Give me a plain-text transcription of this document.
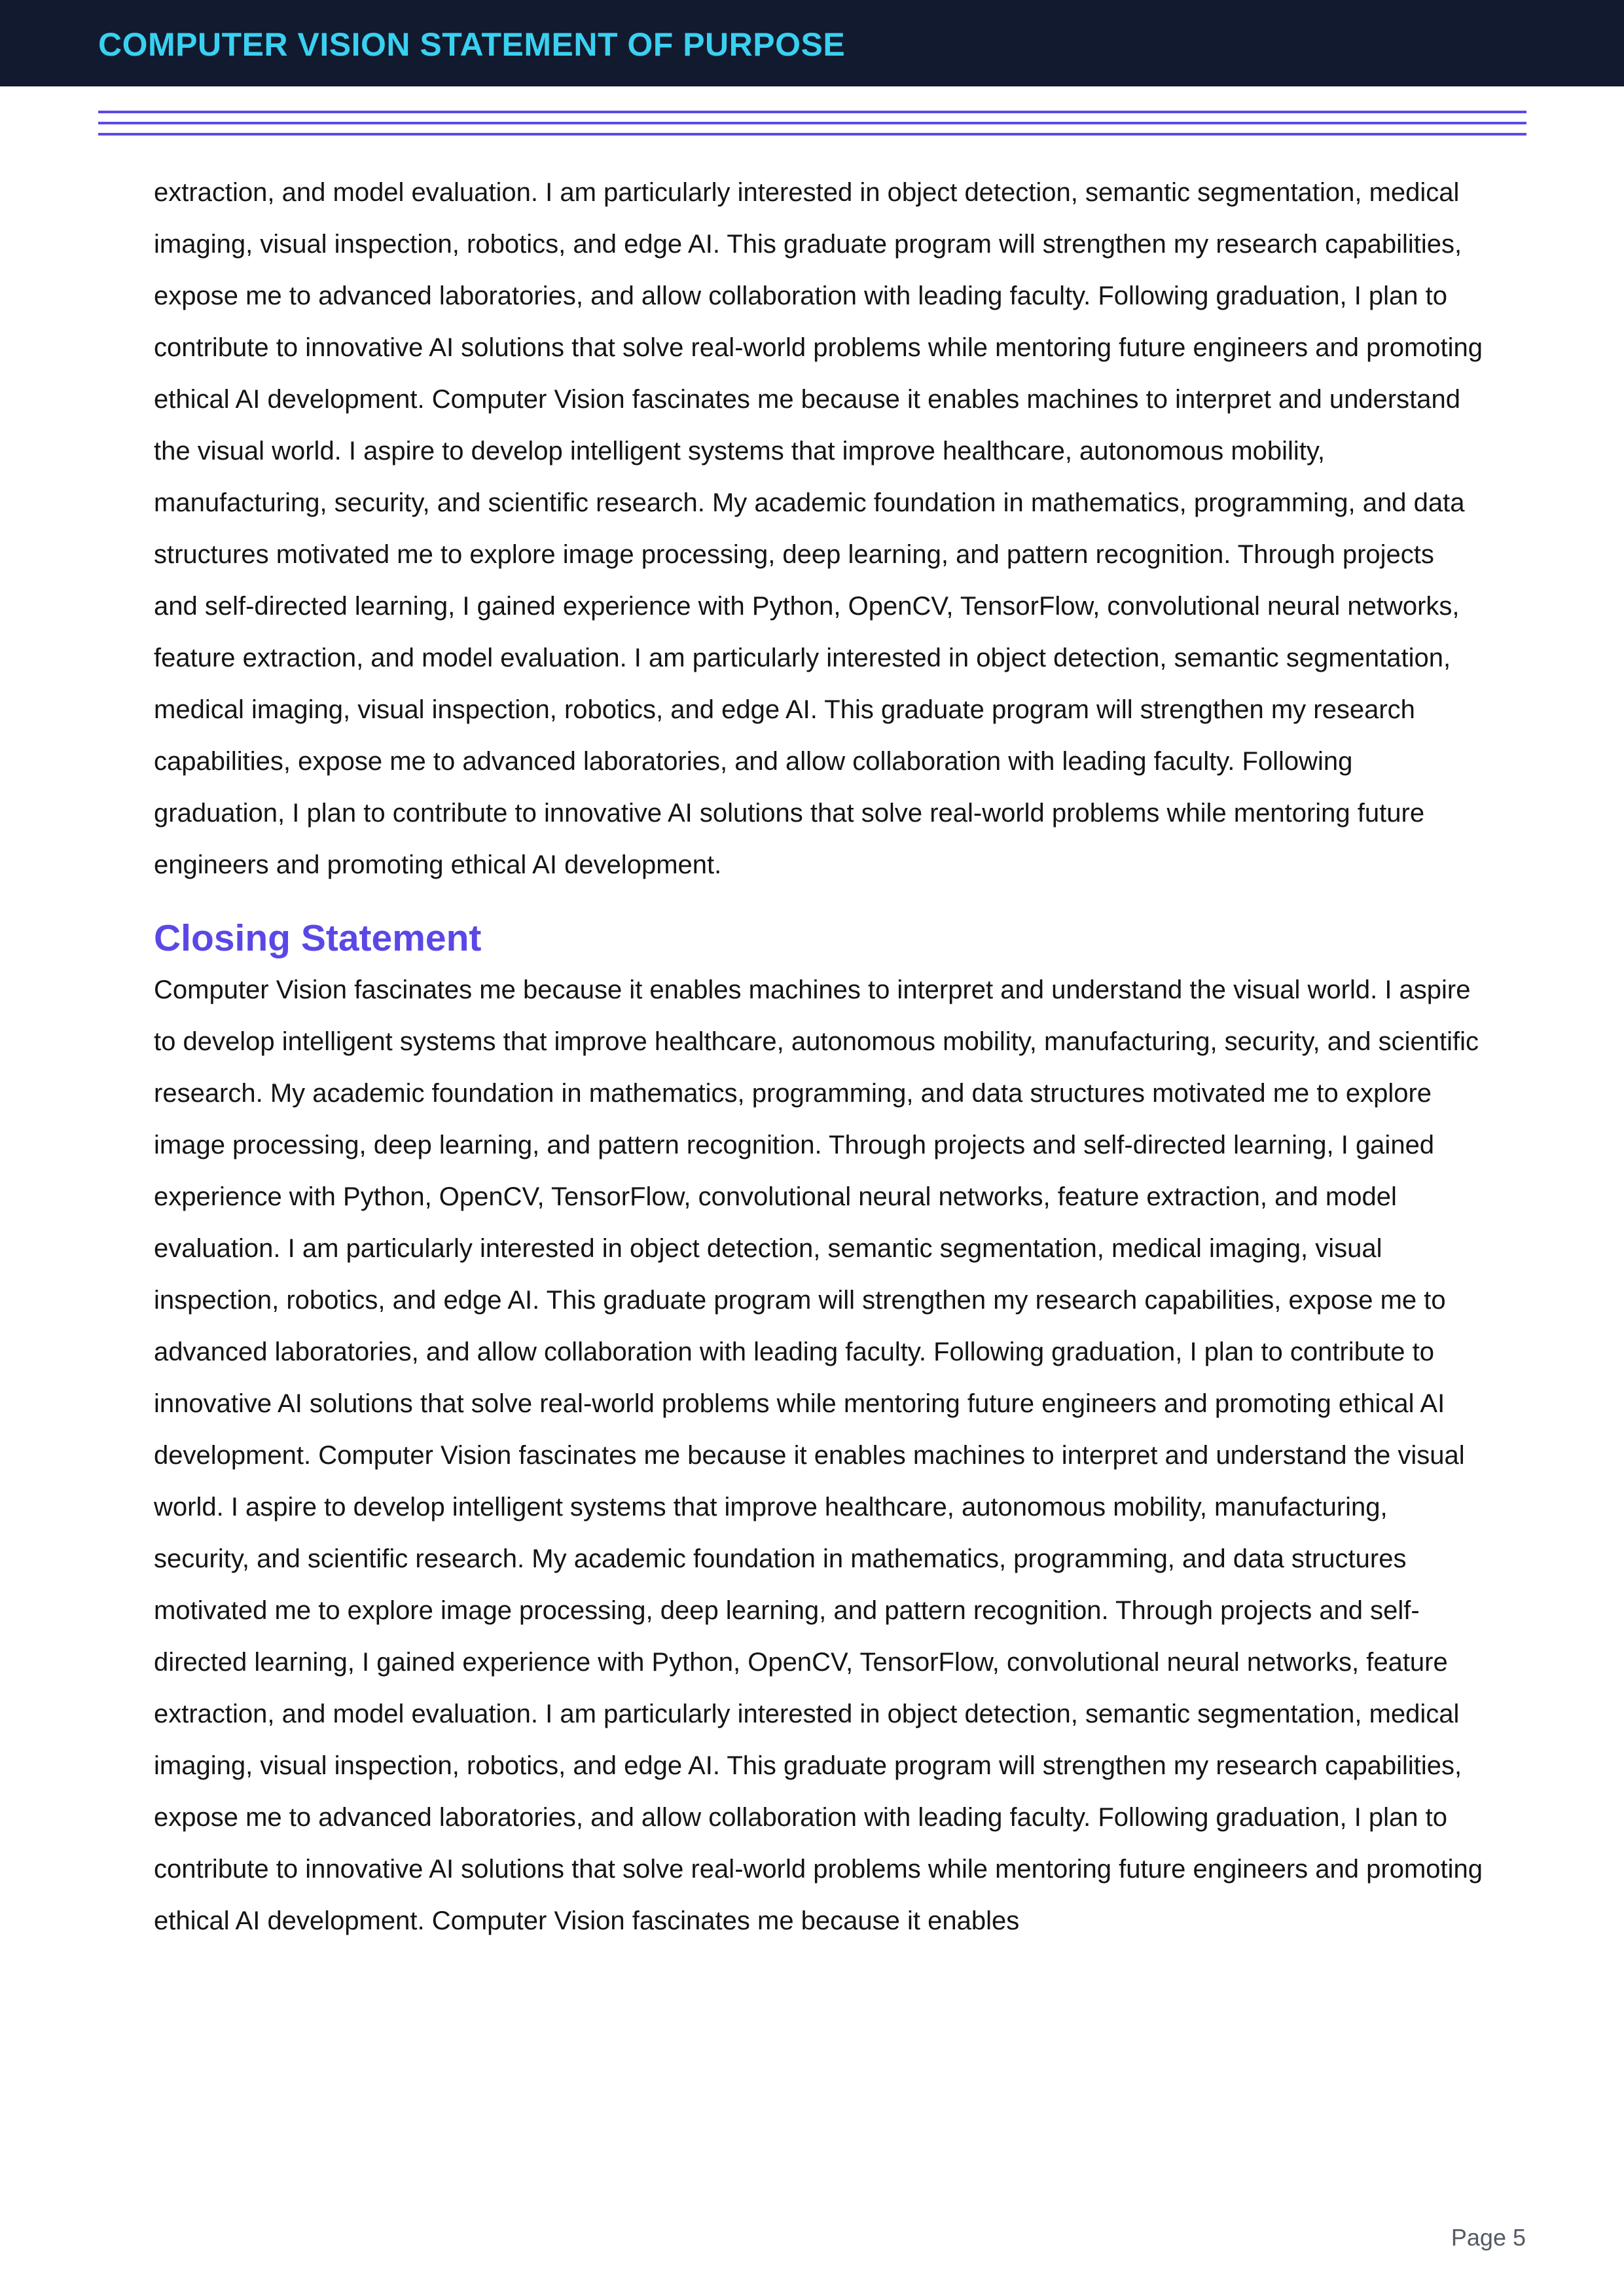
COMPUTER VISION STATEMENT OF PURPOSE

extraction, and model evaluation. I am particularly interested in object detection, semantic segmentation, medical imaging, visual inspection, robotics, and edge AI. This graduate program will strengthen my research capabilities, expose me to advanced laboratories, and allow collaboration with leading faculty. Following graduation, I plan to contribute to innovative AI solutions that solve real-world problems while mentoring future engineers and promoting ethical AI development. Computer Vision fascinates me because it enables machines to interpret and understand the visual world. I aspire to develop intelligent systems that improve healthcare, autonomous mobility, manufacturing, security, and scientific research. My academic foundation in mathematics, programming, and data structures motivated me to explore image processing, deep learning, and pattern recognition. Through projects and self-directed learning, I gained experience with Python, OpenCV, TensorFlow, convolutional neural networks, feature extraction, and model evaluation. I am particularly interested in object detection, semantic segmentation, medical imaging, visual inspection, robotics, and edge AI. This graduate program will strengthen my research capabilities, expose me to advanced laboratories, and allow collaboration with leading faculty. Following graduation, I plan to contribute to innovative AI solutions that solve real-world problems while mentoring future engineers and promoting ethical AI development.

Closing Statement

Computer Vision fascinates me because it enables machines to interpret and understand the visual world. I aspire to develop intelligent systems that improve healthcare, autonomous mobility, manufacturing, security, and scientific research. My academic foundation in mathematics, programming, and data structures motivated me to explore image processing, deep learning, and pattern recognition. Through projects and self-directed learning, I gained experience with Python, OpenCV, TensorFlow, convolutional neural networks, feature extraction, and model evaluation. I am particularly interested in object detection, semantic segmentation, medical imaging, visual inspection, robotics, and edge AI. This graduate program will strengthen my research capabilities, expose me to advanced laboratories, and allow collaboration with leading faculty. Following graduation, I plan to contribute to innovative AI solutions that solve real-world problems while mentoring future engineers and promoting ethical AI development. Computer Vision fascinates me because it enables machines to interpret and understand the visual world. I aspire to develop intelligent systems that improve healthcare, autonomous mobility, manufacturing, security, and scientific research. My academic foundation in mathematics, programming, and data structures motivated me to explore image processing, deep learning, and pattern recognition. Through projects and self-directed learning, I gained experience with Python, OpenCV, TensorFlow, convolutional neural networks, feature extraction, and model evaluation. I am particularly interested in object detection, semantic segmentation, medical imaging, visual inspection, robotics, and edge AI. This graduate program will strengthen my research capabilities, expose me to advanced laboratories, and allow collaboration with leading faculty. Following graduation, I plan to contribute to innovative AI solutions that solve real-world problems while mentoring future engineers and promoting ethical AI development. Computer Vision fascinates me because it enables

Page 5
